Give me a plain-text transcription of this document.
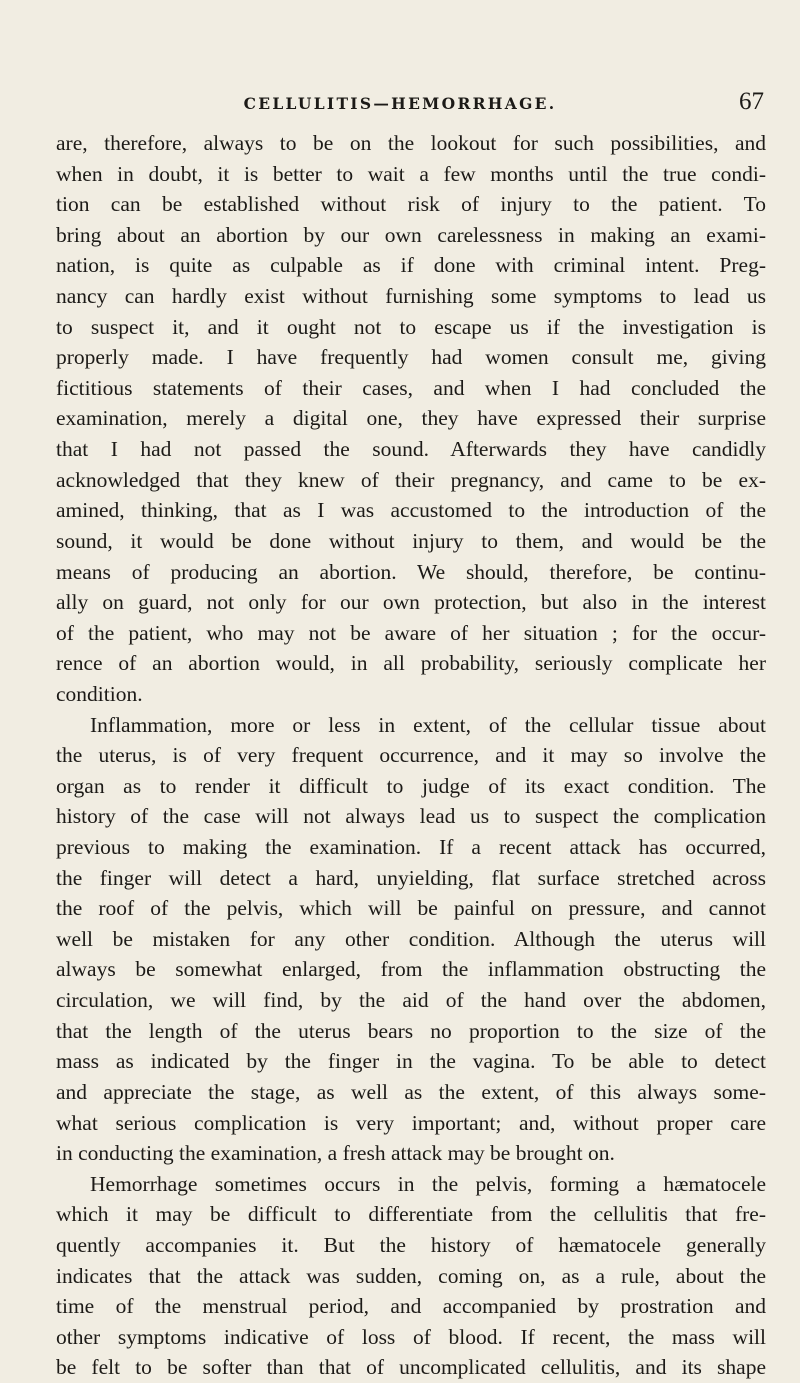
CELLULITIS—HEMORRHAGE.	67
are, therefore, always to be on the lookout for such possibilities, and
when in doubt, it is better to wait a few months until the true condi-
tion can be established without risk of injury to the patient. To
bring about an abortion by our own carelessness in making an exami-
nation, is quite as culpable as if done with criminal intent. Preg-
nancy can hardly exist without furnishing some symptoms to lead us
to suspect it, and it ought not to escape us if the investigation is
properly made. I have frequently had women consult me, giving
fictitious statements of their cases, and when I had concluded the
examination, merely a digital one, they have expressed their surprise
that I had not passed the sound. Afterwards they have candidly
acknowledged that they knew of their pregnancy, and came to be ex-
amined, thinking, that as I was accustomed to the introduction of the
sound, it would be done without injury to them, and would be the
means of producing an abortion. We should, therefore, be continu-
ally on guard, not only for our own protection, but also in the interest
of the patient, who may not be aware of her situation ; for the occur-
rence of an abortion would, in all probability, seriously complicate her
condition.
Inflammation, more or less in extent, of the cellular tissue about
the uterus, is of very frequent occurrence, and it may so involve the
organ as to render it difficult to judge of its exact condition. The
history of the case will not always lead us to suspect the complication
previous to making the examination. If a recent attack has occurred,
the finger will detect a hard, unyielding, flat surface stretched across
the roof of the pelvis, which will be painful on pressure, and cannot
well be mistaken for any other condition. Although the uterus will
always be somewhat enlarged, from the inflammation obstructing the
circulation, we will find, by the aid of the hand over the abdomen,
that the length of the uterus bears no proportion to the size of the
mass as indicated by the finger in the vagina. To be able to detect
and appreciate the stage, as well as the extent, of this always some-
what serious complication is very important; and, without proper care
in conducting the examination, a fresh attack may be brought on.
Hemorrhage sometimes occurs in the pelvis, forming a hæmatocele
which it may be difficult to differentiate from the cellulitis that fre-
quently accompanies it. But the history of hæmatocele generally
indicates that the attack was sudden, coming on, as a rule, about the
time of the menstrual period, and accompanied by prostration and
other symptoms indicative of loss of blood. If recent, the mass will
be felt to be softer than that of uncomplicated cellulitis, and its shape
